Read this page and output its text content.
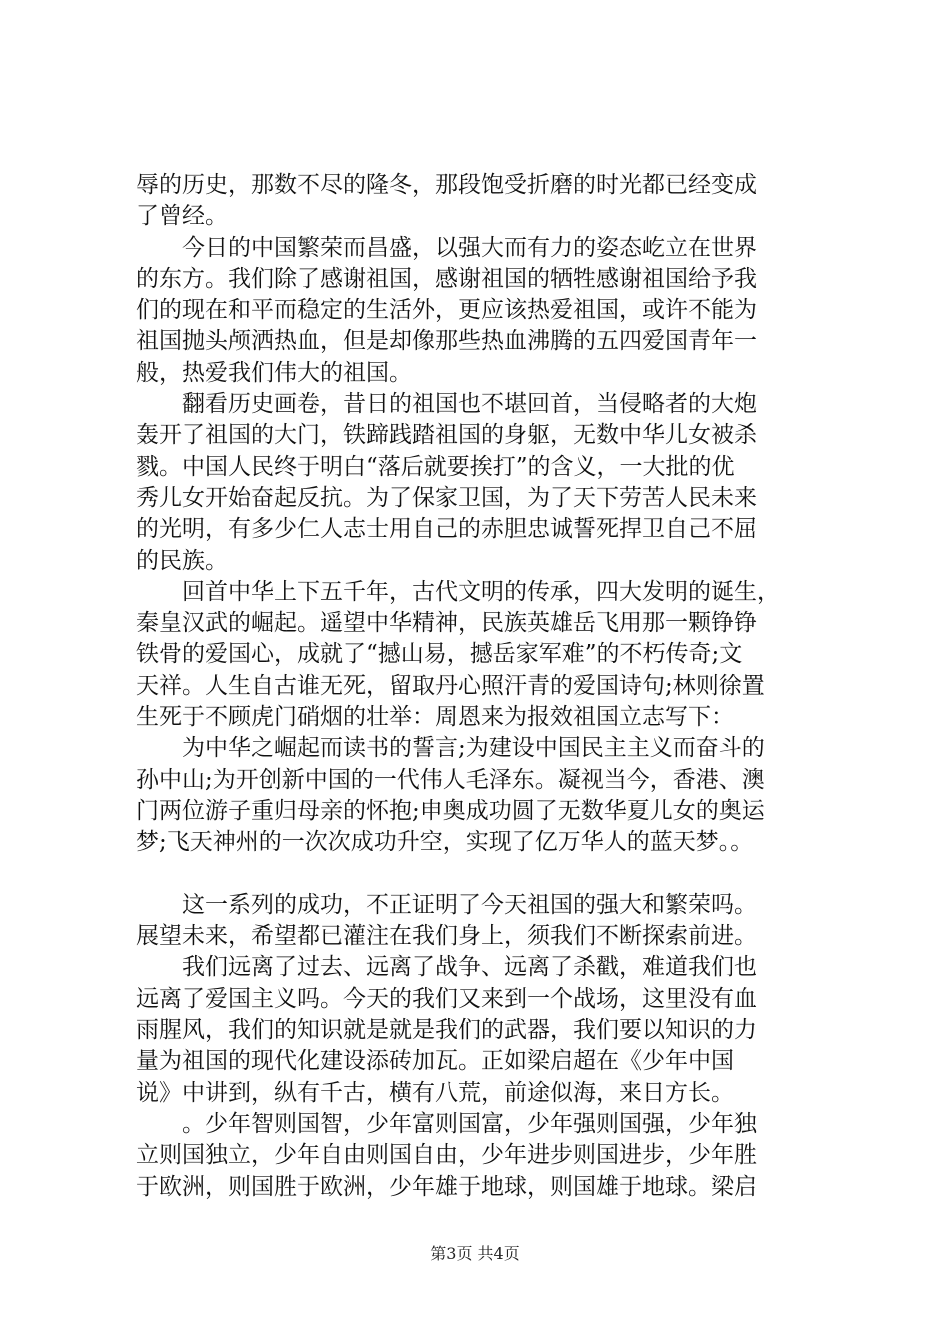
辱的历史，那数不尽的隆冬，那段饱受折磨的时光都已经变成
了曾经。
今日的中国繁荣而昌盛，以强大而有力的姿态屹立在世界
的东方。我们除了感谢祖国，感谢祖国的牺牲感谢祖国给予我
们的现在和平而稳定的生活外，更应该热爱祖国，或许不能为
祖国抛头颅洒热血，但是却像那些热血沸腾的五四爱国青年一
般，热爱我们伟大的祖国。
翻看历史画卷，昔日的祖国也不堪回首，当侵略者的大炮
轰开了祖国的大门，铁蹄践踏祖国的身躯，无数中华儿女被杀
戮。中国人民终于明白“落后就要挨打”的含义，一大批的优
秀儿女开始奋起反抗。为了保家卫国，为了天下劳苦人民未来
的光明，有多少仁人志士用自己的赤胆忠诚誓死捍卫自己不屈
的民族。
回首中华上下五千年，古代文明的传承，四大发明的诞生，
秦皇汉武的崛起。遥望中华精神，民族英雄岳飞用那一颗铮铮
铁骨的爱国心，成就了“撼山易，撼岳家军难”的不朽传奇;文
天祥。人生自古谁无死，留取丹心照汗青的爱国诗句;林则徐置
生死于不顾虎门硝烟的壮举：周恩来为报效祖国立志写下：
为中华之崛起而读书的誓言;为建设中国民主主义而奋斗的
孙中山;为开创新中国的一代伟人毛泽东。凝视当今，香港、澳
门两位游子重归母亲的怀抱;申奥成功圆了无数华夏儿女的奥运
梦;飞天神州的一次次成功升空，实现了亿万华人的蓝天梦。。
这一系列的成功，不正证明了今天祖国的强大和繁荣吗。
展望未来，希望都已灌注在我们身上，须我们不断探索前进。
我们远离了过去、远离了战争、远离了杀戳，难道我们也
远离了爱国主义吗。今天的我们又来到一个战场，这里没有血
雨腥风，我们的知识就是就是我们的武器，我们要以知识的力
量为祖国的现代化建设添砖加瓦。正如梁启超在《少年中国
说》中讲到，纵有千古，横有八荒，前途似海，来日方长。
。少年智则国智，少年富则国富，少年强则国强，少年独
立则国独立，少年自由则国自由，少年进步则国进步，少年胜
于欧洲，则国胜于欧洲，少年雄于地球，则国雄于地球。梁启
第3页 共4页
